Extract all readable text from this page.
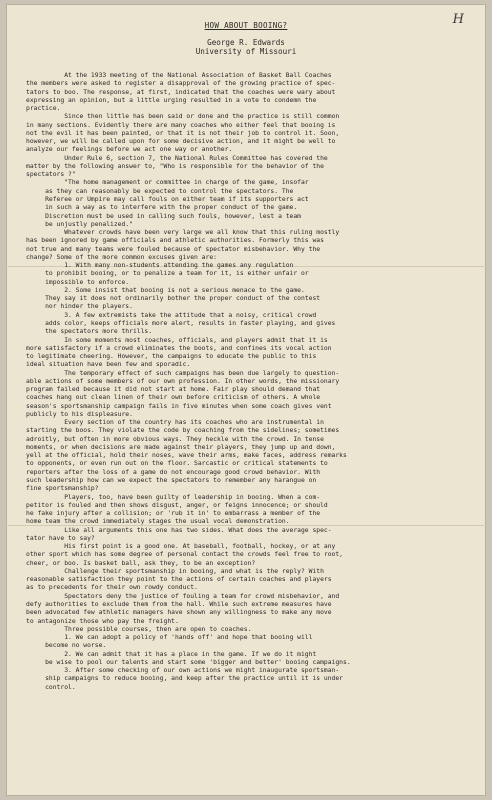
H
HOW ABOUT BOOING?
George R. Edwards
University of Missouri
At the 1933 meeting of the National Association of Basket Ball Coaches
the members were asked to register a disapproval of the growing practice of spec-
tators to boo. The response, at first, indicated that the coaches were wary about
expressing an opinion, but a little urging resulted in a vote to condemn the
practice.
Since then little has been said or done and the practice is still common
in many sections. Evidently there are many coaches who either feel that booing is
not the evil it has been painted, or that it is not their job to control it. Soon,
however, we will be called upon for some decisive action, and it might be well to
analyze our feelings before we act one way or another.
Under Rule 6, section 7, the National Rules Committee has covered the
matter by the following answer to, "Who is responsible for the behavior of the
spectators ?"
"The home management or committee in charge of the game, insofar
as they can reasonably be expected to control the spectators. The
Referee or Umpire may call fouls on either team if its supporters act
in such a way as to interfere with the proper conduct of the game.
Discretion must be used in calling such fouls, however, lest a team
be unjustly penalized."
Whatever crowds have been very large we all know that this ruling mostly
has been ignored by game officials and athletic authorities. Formerly this was
not true and many teams were fouled because of spectator misbehavior. Why the
change? Some of the more common excuses given are:
1. With many non-students attending the games any regulation
to prohibit booing, or to penalize a team for it, is either unfair or
impossible to enforce.
2. Some insist that booing is not a serious menace to the game.
They say it does not ordinarily bother the proper conduct of the contest
nor hinder the players.
3. A few extremists take the attitude that a noisy, critical crowd
adds color, keeps officials more alert, results in faster playing, and gives
the spectators more thrills.
In some moments most coaches, officials, and players admit that it is
more satisfactory if a crowd eliminates the boots, and confines its vocal action
to legitimate cheering. However, the campaigns to educate the public to this
ideal situation have been few and sporadic.
The temporary effect of such campaigns has been due largely to question-
able actions of some members of our own profession. In other words, the missionary
program failed because it did not start at home. Fair play should demand that
coaches hang out clean linen of their own before criticism of others. A whole
season's sportsmanship campaign fails in five minutes when some coach gives vent
publicly to his displeasure.
Every section of the country has its coaches who are instrumental in
starting the boos. They violate the code by coaching from the sidelines; sometimes
adroitly, but often in more obvious ways. They heckle with the crowd. In tense
moments, or when decisions are made against their players, they jump up and down,
yell at the official, hold their noses, wave their arms, make faces, address remarks
to opponents, or even run out on the floor. Sarcastic or critical statements to
reporters after the loss of a game do not encourage good crowd behavior. With
such leadership how can we expect the spectators to remember any harangue on
fine sportsmanship?
Players, too, have been guilty of leadership in booing. When a com-
petitor is fouled and then shows disgust, anger, or feigns innocence; or should
he fake injury after a collision; or 'rub it in' to embarrass a member of the
home team the crowd immediately stages the usual vocal demonstration.
Like all arguments this one has two sides. What does the average spec-
tator have to say?
His first point is a good one. At baseball, football, hockey, or at any
other sport which has some degree of personal contact the crowds feel free to root,
cheer, or boo. Is basket ball, ask they, to be an exception?
Challenge their sportsmanship in booing, and what is the reply? With
reasonable satisfaction they point to the actions of certain coaches and players
as to precedents for their own rowdy conduct.
Spectators deny the justice of fouling a team for crowd misbehavior, and
defy authorities to exclude them from the hall. While such extreme measures have
been advocated few athletic managers have shown any willingness to make any move
to antagonize those who pay the freight.
Three possible courses, then are open to coaches.
1. We can adopt a policy of 'hands off' and hope that booing will
become no worse.
2. We can admit that it has a place in the game. If we do it might
be wise to pool our talents and start some 'bigger and better' booing campaigns.
3. After some checking of our own actions we might inaugurate sportsman-
ship campaigns to reduce booing, and keep after the practice until it is under
control.
